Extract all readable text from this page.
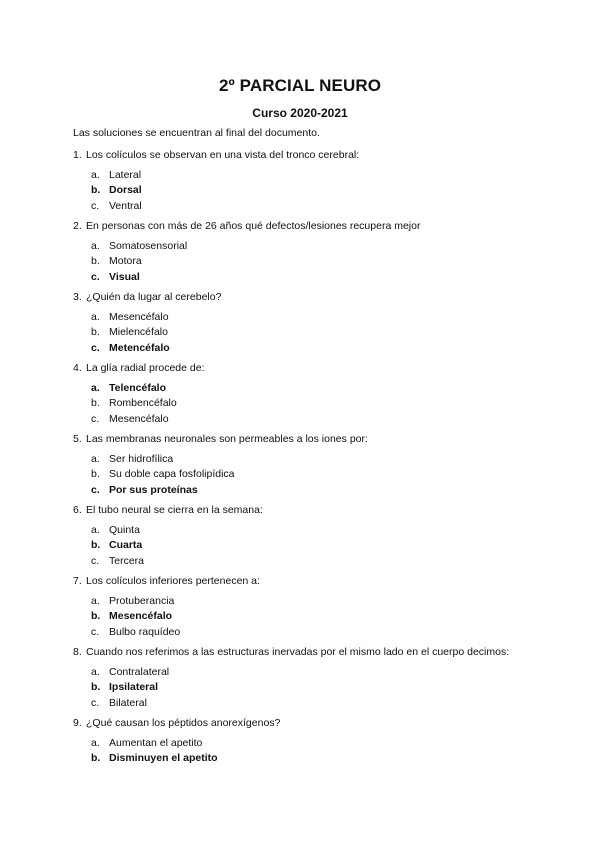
2º PARCIAL NEURO
Curso 2020-2021
Las soluciones se encuentran al final del documento.
1. Los colículos se observan en una vista del tronco cerebral:
a. Lateral
b. Dorsal
c. Ventral
2. En personas con más de 26 años qué defectos/lesiones recupera mejor
a. Somatosensorial
b. Motora
c. Visual
3. ¿Quién da lugar al cerebelo?
a. Mesencéfalo
b. Mielencéfalo
c. Metencéfalo
4. La glía radial procede de:
a. Telencéfalo
b. Rombencéfalo
c. Mesencéfalo
5. Las membranas neuronales son permeables a los iones por:
a. Ser hidrofílica
b. Su doble capa fosfolipídica
c. Por sus proteínas
6. El tubo neural se cierra en la semana:
a. Quinta
b. Cuarta
c. Tercera
7. Los colículos inferiores pertenecen a:
a. Protuberancia
b. Mesencéfalo
c. Bulbo raquídeo
8. Cuando nos referimos a las estructuras inervadas por el mismo lado en el cuerpo decimos:
a. Contralateral
b. Ipsilateral
c. Bilateral
9. ¿Qué causan los péptidos anorexígenos?
a. Aumentan el apetito
b. Disminuyen el apetito
